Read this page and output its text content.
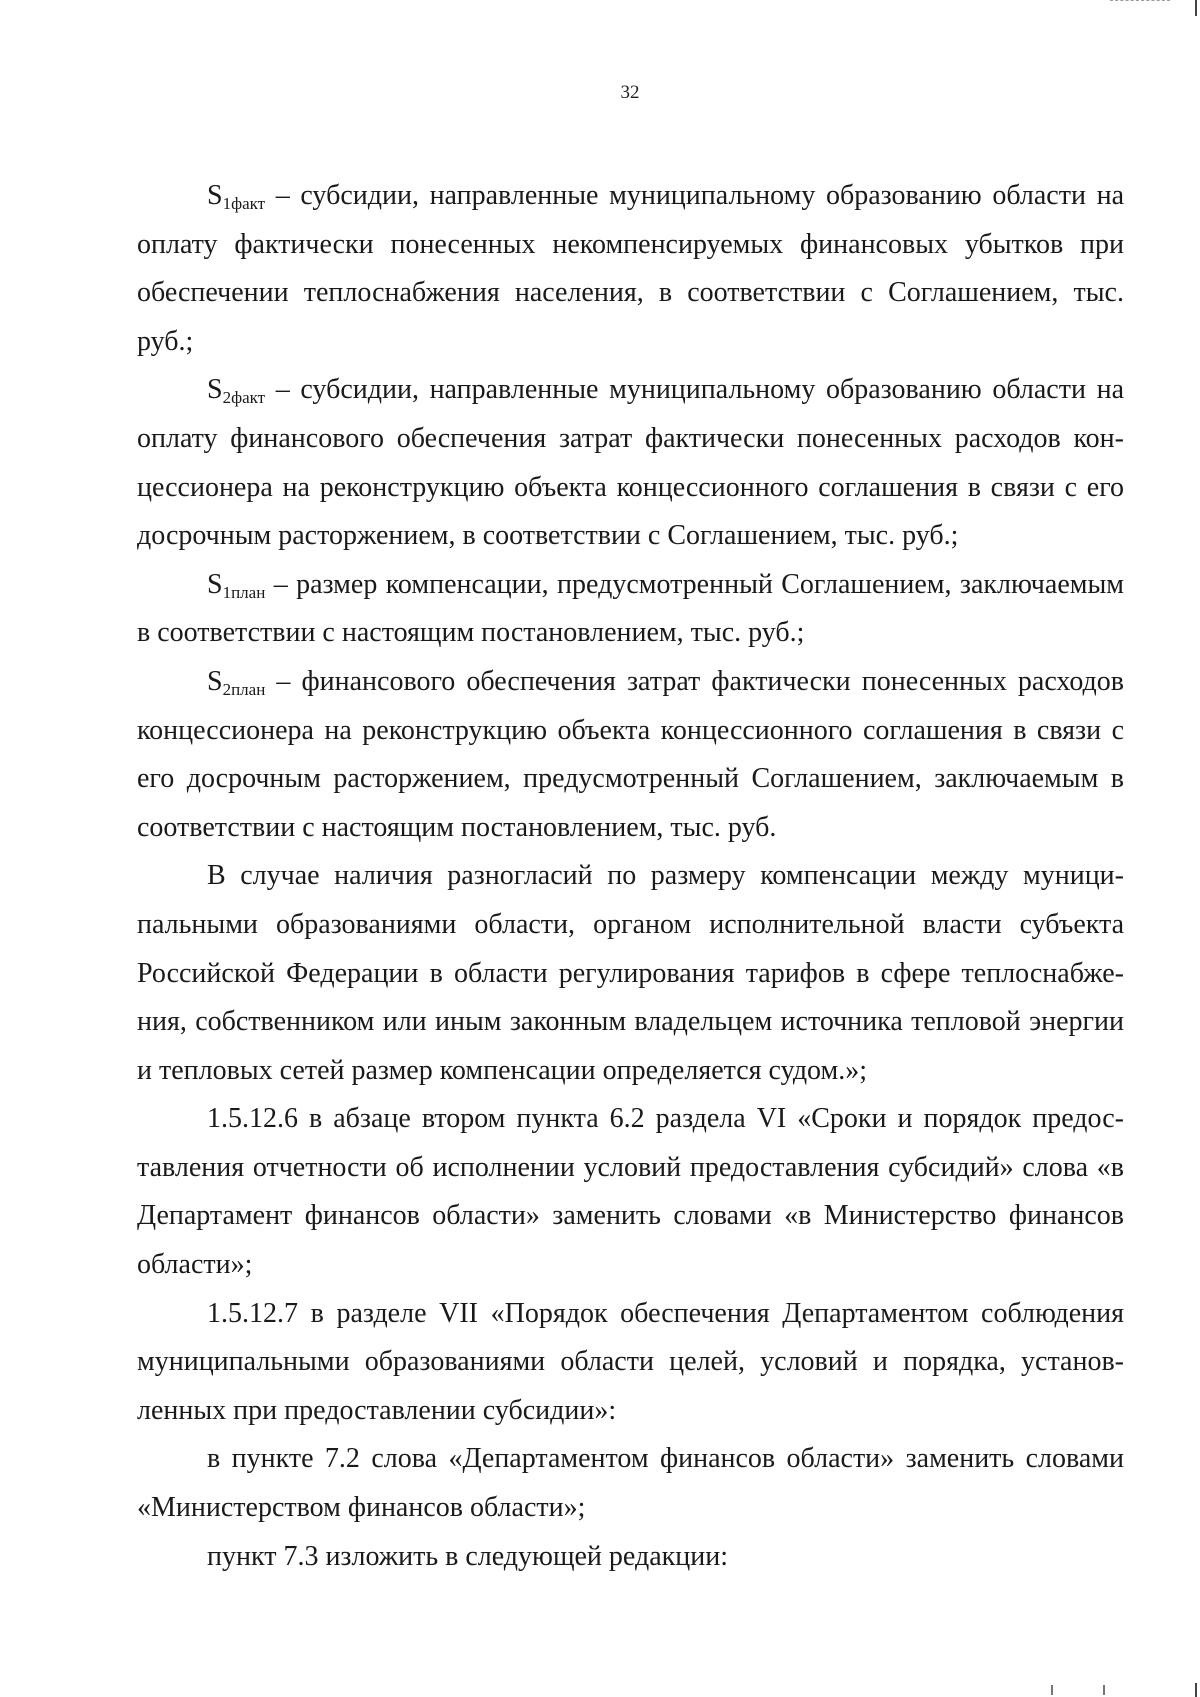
32

$S_{1факт}$ – субсидии, направленные муниципальному образованию области на оплату фактически понесенных некомпенсируемых финансовых убытков при обеспечении теплоснабжения населения, в соответствии с Соглашением, тыс. руб.;

$S_{2факт}$ – субсидии, направленные муниципальному образованию области на оплату финансового обеспечения затрат фактически понесенных расходов концессионера на реконструкцию объекта концессионного соглашения в связи с его досрочным расторжением, в соответствии с Соглашением, тыс. руб.;

$S_{1план}$ – размер компенсации, предусмотренный Соглашением, заключаемым в соответствии с настоящим постановлением, тыс. руб.;

$S_{2план}$ – финансового обеспечения затрат фактически понесенных расходов концессионера на реконструкцию объекта концессионного соглашения в связи с его досрочным расторжением, предусмотренный Соглашением, заключаемым в соответствии с настоящим постановлением, тыс. руб.

В случае наличия разногласий по размеру компенсации между муниципальными образованиями области, органом исполнительной власти субъекта Российской Федерации в области регулирования тарифов в сфере теплоснабжения, собственником или иным законным владельцем источника тепловой энергии и тепловых сетей размер компенсации определяется судом.»;

1.5.12.6 в абзаце втором пункта 6.2 раздела VI «Сроки и порядок предоставления отчетности об исполнении условий предоставления субсидий» слова «в Департамент финансов области» заменить словами «в Министерство финансов области»;

1.5.12.7 в разделе VII «Порядок обеспечения Департаментом соблюдения муниципальными образованиями области целей, условий и порядка, установленных при предоставлении субсидии»:

в пункте 7.2 слова «Департаментом финансов области» заменить словами «Министерством финансов области»;

пункт 7.3 изложить в следующей редакции:
